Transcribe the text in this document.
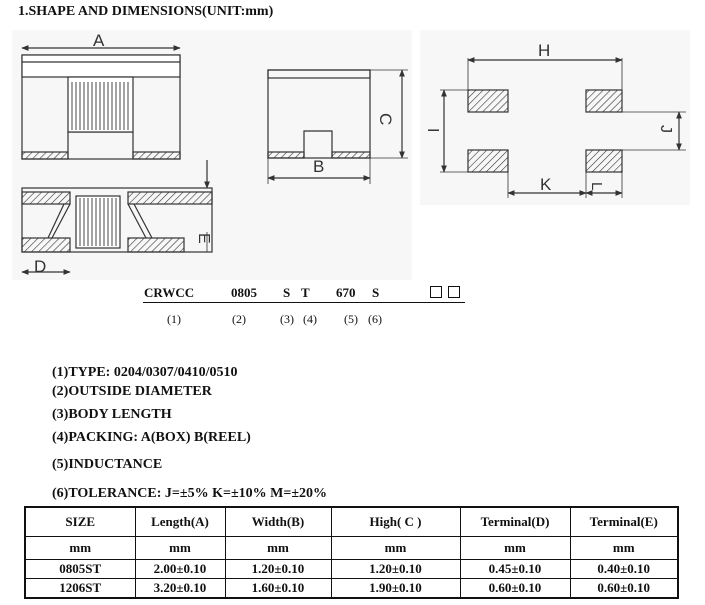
1.SHAPE AND DIMENSIONS(UNIT:mm)
A
C
B
D
E
H
I	J
K L
CRWCC	0805 S T 670 S
(1)	(2)	(3) (4) (5) (6)
(1)TYPE: 0204/0307/0410/0510
(2)OUTSIDE DIAMETER
(3)BODY LENGTH
(4)PACKING: A(BOX) B(REEL)
(5)INDUCTANCE
(6)TOLERANCE: J=±5% K=±10% M=±20%
SIZE	Length(A)	Width(B)	High( C )	Terminal(D)	Terminal(E)
mm	mm	mm	mm	mm	mm
0805ST	2.00±0.10	1.20±0.10	1.20±0.10	0.45±0.10	0.40±0.10
1206ST	3.20±0.10	1.60±0.10	1.90±0.10	0.60±0.10	0.60±0.10
